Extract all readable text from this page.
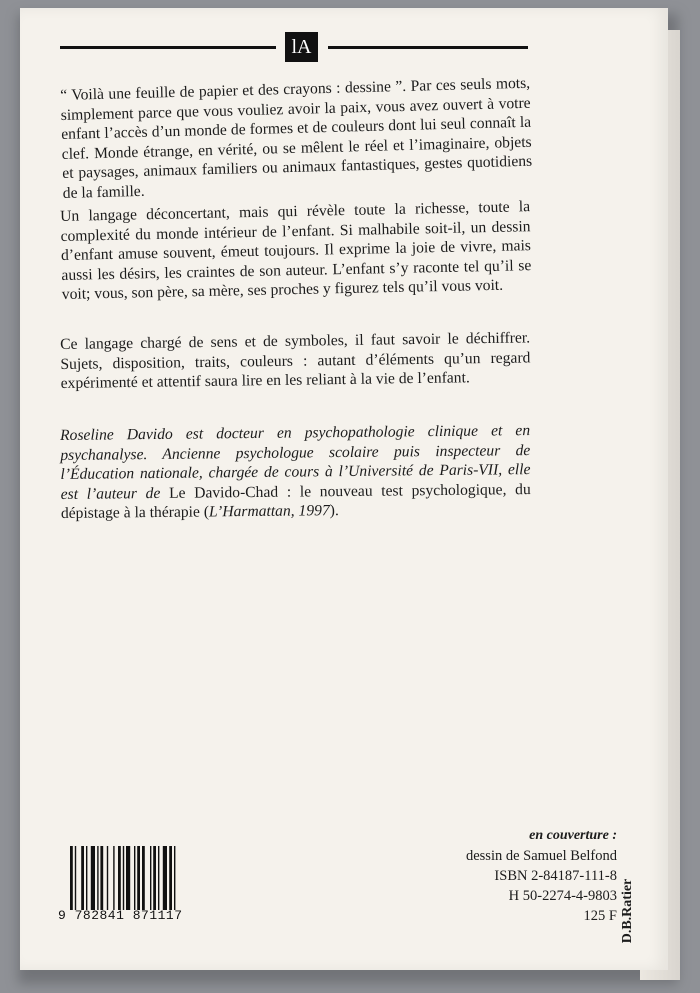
lA

“ Voilà une feuille de papier et des crayons : dessine ”. Par ces seuls mots, simplement parce que vous vouliez avoir la paix, vous avez ouvert à votre enfant l’accès d’un monde de formes et de couleurs dont lui seul connaît la clef. Monde étrange, en vérité, ou se mêlent le réel et l’imaginaire, objets et paysages, animaux familiers ou animaux fantastiques, gestes quotidiens de la famille.

Un langage déconcertant, mais qui révèle toute la richesse, toute la complexité du monde intérieur de l’enfant. Si malhabile soit-il, un dessin d’enfant amuse souvent, émeut toujours. Il exprime la joie de vivre, mais aussi les désirs, les craintes de son auteur. L’enfant s’y raconte tel qu’il se voit; vous, son père, sa mère, ses proches y figurez tels qu’il vous voit.

Ce langage chargé de sens et de symboles, il faut savoir le déchiffrer. Sujets, disposition, traits, couleurs : autant d’éléments qu’un regard expérimenté et attentif saura lire en les reliant à la vie de l’enfant.

Roseline Davido est docteur en psychopathologie clinique et en psychanalyse. Ancienne psychologue scolaire puis inspecteur de l’Éducation nationale, chargée de cours à l’Université de Paris-VII, elle est l’auteur de Le Davido-Chad : le nouveau test psychologique, du dépistage à la thérapie (L’Harmattan, 1997).

9 782841 871117
en couverture :
dessin de Samuel Belfond
ISBN 2-84187-111-8
H 50-2274-4-9803
125 F D.B.Ratier
